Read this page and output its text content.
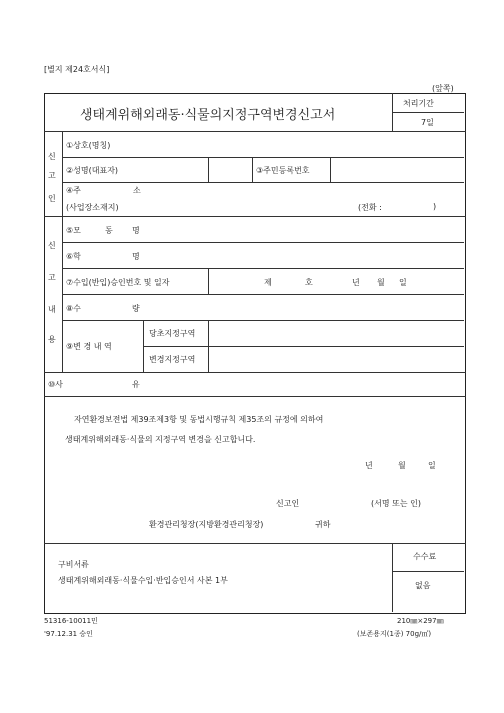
[별지 제24호서식]
(앞쪽)
생태계위해외래동·식물의지정구역변경신고서
처리기간
7일
신
고
인
①상호(명칭)
②성명(대표자)	③주민등록번호
④주	소
(사업장소재지)	(전화 :	)
신
고
내
용
⑤모	동 명
⑥학	명
⑦수입(반입)승인번호 및 일자	제	호	년 월 일
⑧수	량
⑨변 경 내 역
당초지정구역
변경지정구역
⑩사	유
자연환경보전법 제39조제3항 및 동법시행규칙 제35조의 규정에 의하여
생태계위해외래동·식물의 지정구역 변경을 신고합니다.
년	월	일
신고인	(서명 또는 인)
환경관리청장(지방환경관리청장)	귀하
구비서류
생태계위해외래동·식물수입·반입승인서 사본 1부
수수료
없음
51316-10011민
'97.12.31 승인
210㎜×297㎜
(보존용지(1종) 70g/㎡)
